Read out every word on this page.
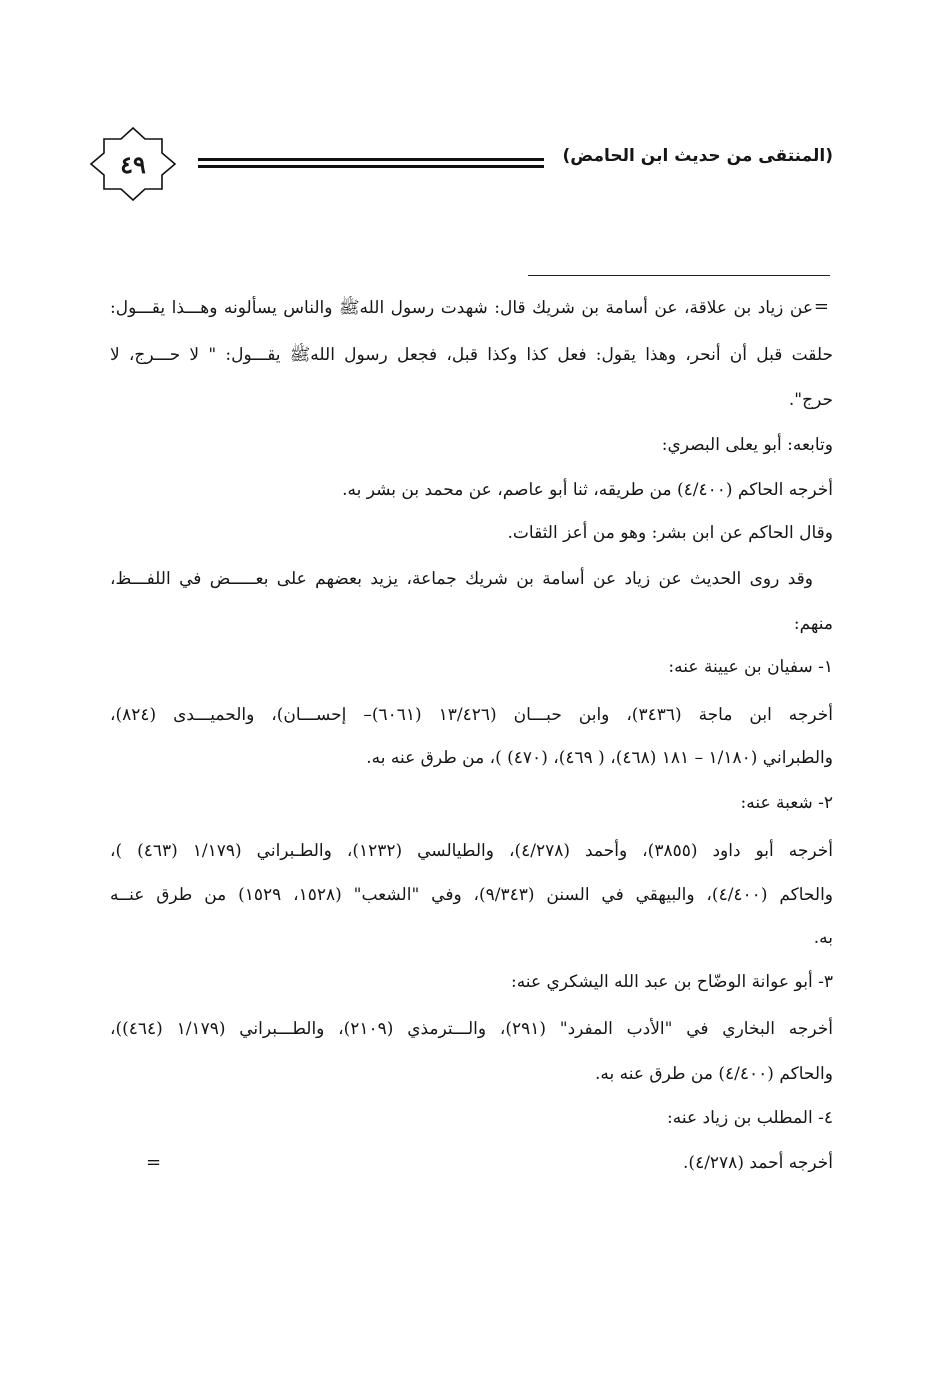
٤٩	(المنتقى من حديث ابن الحامض)
=
عن زياد بن علاقة، عن أسامة بن شريك قال: شهدت رسول اللهﷺ والناس يسألونه وهـــذا يقـــول:
حلقت قبل أن أنحر، وهذا يقول: فعل كذا وكذا قبل، فجعل رسول اللهﷺ يقـــول: " لا حـــرج، لا
حرج".
وتابعه: أبو يعلى البصري:
أخرجه الحاكم (٤/٤٠٠) من طريقه، ثنا أبو عاصم، عن محمد بن بشر به.
وقال الحاكم عن ابن بشر: وهو من أعز الثقات.
وقد روى الحديث عن زياد عن أسامة بن شريك جماعة، يزيد بعضهم على بعـــــض في اللفـــظ،
منهم:
١- سفيان بن عيينة عنه:
أخرجه ابن ماجة (٣٤٣٦)، وابن حبـــان (١٣/٤٢٦ (٦٠٦١)– إحســـان)، والحميـــدى (٨٢٤)،
والطبراني (١/١٨٠ – ١٨١ (٤٦٨)، ( ٤٦٩)، (٤٧٠) )، من طرق عنه به.
٢- شعبة عنه:
أخرجه أبو داود (٣٨٥٥)، وأحمد (٤/٢٧٨)، والطيالسي (١٢٣٢)، والطـبراني (١/١٧٩ (٤٦٣) )،
والحاكم (٤/٤٠٠)، والبيهقي في السنن (٩/٣٤٣)، وفي "الشعب" (١٥٢٨، ١٥٢٩) من طرق عنــه
به.
٣- أبو عوانة الوضّاح بن عبد الله اليشكري عنه:
أخرجه البخاري في "الأدب المفرد" (٢٩١)، والـــترمذي (٢١٠٩)، والطـــبراني (١/١٧٩ (٤٦٤))،
والحاكم (٤/٤٠٠) من طرق عنه به.
٤- المطلب بن زياد عنه:
أخرجه أحمد (٤/٢٧٨).
=
